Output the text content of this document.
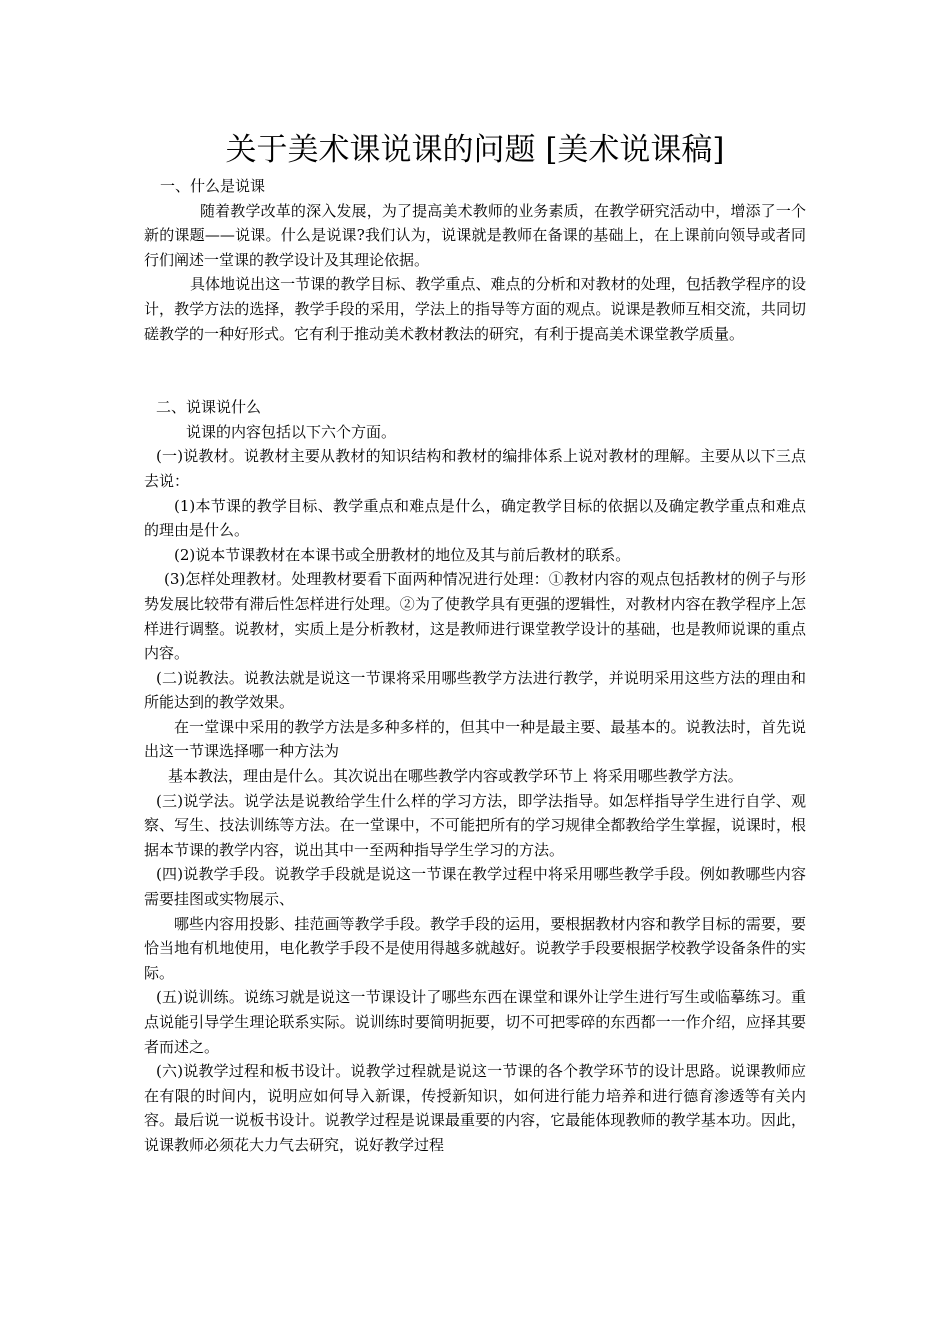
关于美术课说课的问题 [美术说课稿]

一、什么是说课

随着教学改革的深入发展，为了提高美术教师的业务素质，在教学研究活动中，增添了一个新的课题——说课。什么是说课?我们认为，说课就是教师在备课的基础上，在上课前向领导或者同行们阐述一堂课的教学设计及其理论依据。

具体地说出这一节课的教学目标、教学重点、难点的分析和对教材的处理，包括教学程序的设计，教学方法的选择，教学手段的采用，学法上的指导等方面的观点。说课是教师互相交流，共同切磋教学的一种好形式。它有利于推动美术教材教法的研究，有利于提高美术课堂教学质量。

二、说课说什么

说课的内容包括以下六个方面。

(一)说教材。说教材主要从教材的知识结构和教材的编排体系上说对教材的理解。主要从以下三点去说：

(1)本节课的教学目标、教学重点和难点是什么，确定教学目标的依据以及确定教学重点和难点的理由是什么。

(2)说本节课教材在本课书或全册教材的地位及其与前后教材的联系。

(3)怎样处理教材。处理教材要看下面两种情况进行处理：①教材内容的观点包括教材的例子与形势发展比较带有滞后性怎样进行处理。②为了使教学具有更强的逻辑性，对教材内容在教学程序上怎样进行调整。说教材，实质上是分析教材，这是教师进行课堂教学设计的基础，也是教师说课的重点内容。

(二)说教法。说教法就是说这一节课将采用哪些教学方法进行教学，并说明采用这些方法的理由和所能达到的教学效果。

在一堂课中采用的教学方法是多种多样的，但其中一种是最主要、最基本的。说教法时，首先说出这一节课选择哪一种方法为

基本教法，理由是什么。其次说出在哪些教学内容或教学环节上 将采用哪些教学方法。

(三)说学法。说学法是说教给学生什么样的学习方法，即学法指导。如怎样指导学生进行自学、观察、写生、技法训练等方法。在一堂课中，不可能把所有的学习规律全都教给学生掌握，说课时，根据本节课的教学内容，说出其中一至两种指导学生学习的方法。

(四)说教学手段。说教学手段就是说这一节课在教学过程中将采用哪些教学手段。例如教哪些内容需要挂图或实物展示、

哪些内容用投影、挂范画等教学手段。教学手段的运用，要根据教材内容和教学目标的需要，要恰当地有机地使用，电化教学手段不是使用得越多就越好。说教学手段要根据学校教学设备条件的实际。

(五)说训练。说练习就是说这一节课设计了哪些东西在课堂和课外让学生进行写生或临摹练习。重点说能引导学生理论联系实际。说训练时要简明扼要，切不可把零碎的东西都一一作介绍，应择其要者而述之。

(六)说教学过程和板书设计。说教学过程就是说这一节课的各个教学环节的设计思路。说课教师应在有限的时间内，说明应如何导入新课，传授新知识，如何进行能力培养和进行德育渗透等有关内容。最后说一说板书设计。说教学过程是说课最重要的内容，它最能体现教师的教学基本功。因此，说课教师必须花大力气去研究，说好教学过程
